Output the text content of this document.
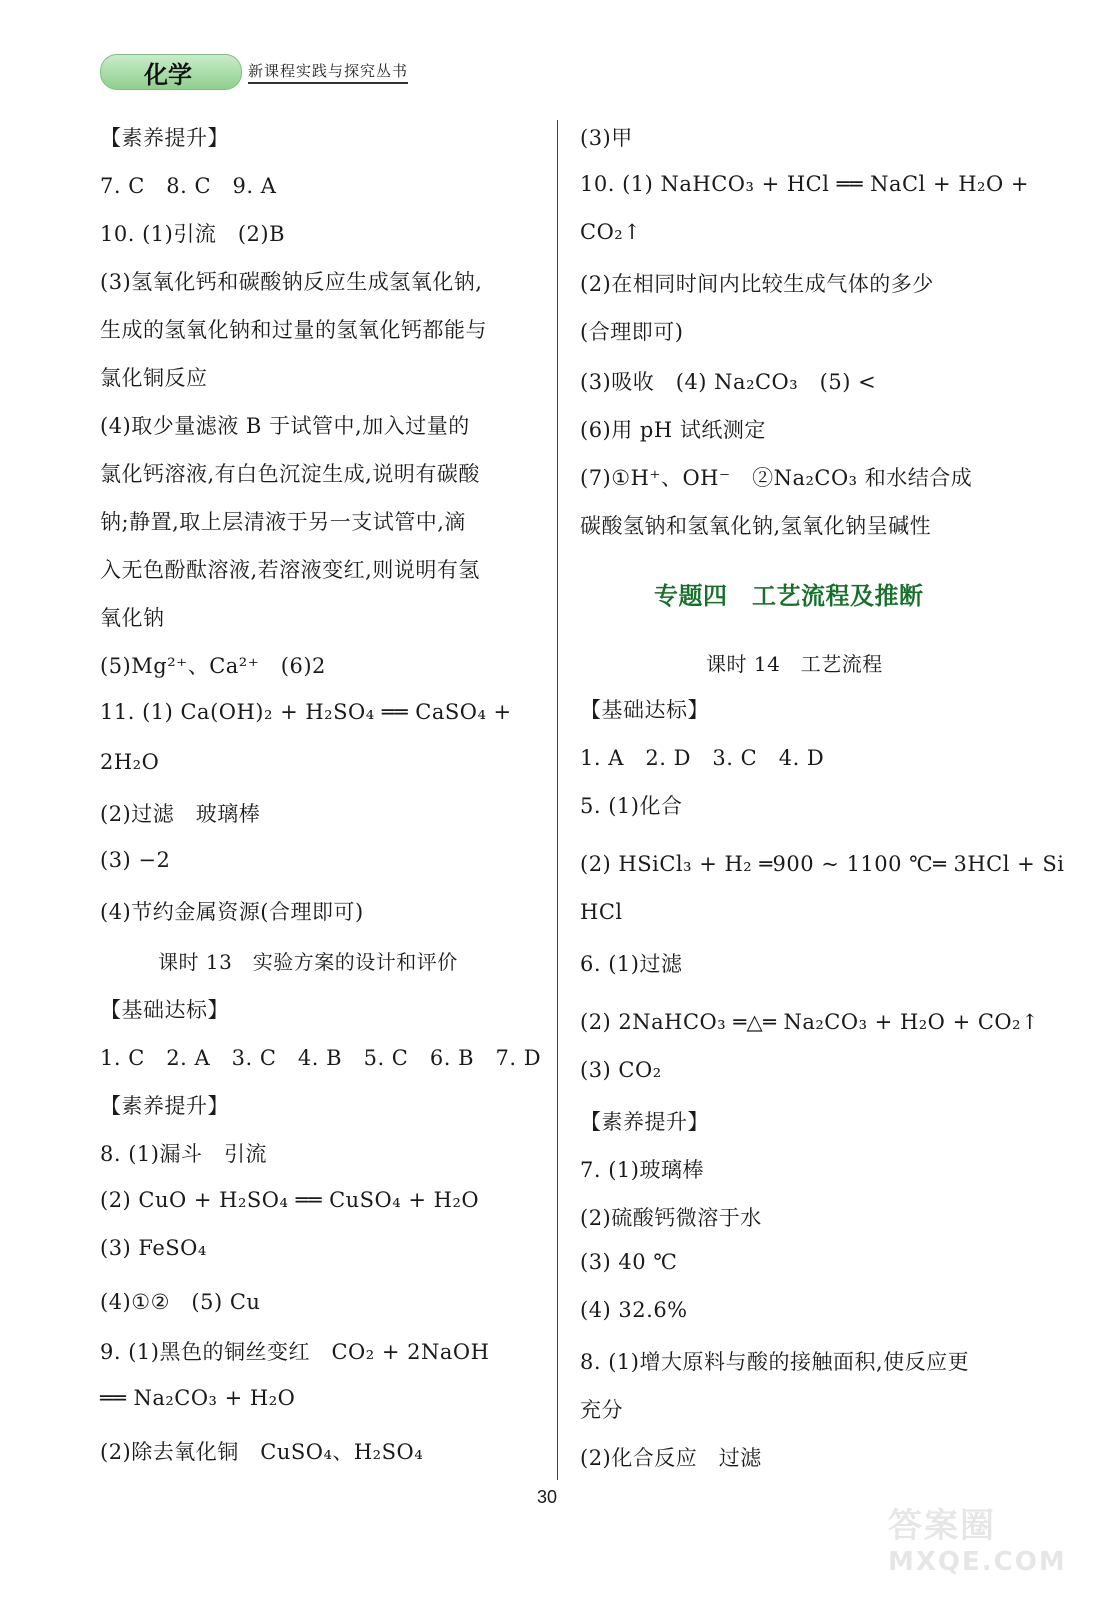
化学	新课程实践与探究丛书
【素养提升】
7. C　8. C　9. A
10. (1)引流　(2)B
(3)氢氧化钙和碳酸钠反应生成氢氧化钠,
生成的氢氧化钠和过量的氢氧化钙都能与
氯化铜反应
(4)取少量滤液 B 于试管中,加入过量的
氯化钙溶液,有白色沉淀生成,说明有碳酸
钠;静置,取上层清液于另一支试管中,滴
入无色酚酞溶液,若溶液变红,则说明有氢
氧化钠
(5)Mg²⁺、Ca²⁺　(6)2
11. (1) Ca(OH)₂ + H₂SO₄ ══ CaSO₄ +
2H₂O
(2)过滤　玻璃棒
(3) −2
(4)节约金属资源(合理即可)
课时 13　实验方案的设计和评价
【基础达标】
1. C　2. A　3. C　4. B　5. C　6. B　7. D
【素养提升】
8. (1)漏斗　引流
(2) CuO + H₂SO₄ ══ CuSO₄ + H₂O
(3) FeSO₄
(4)①②　(5) Cu
9. (1)黑色的铜丝变红　CO₂ + 2NaOH
══ Na₂CO₃ + H₂O
(2)除去氧化铜　CuSO₄、H₂SO₄
(3)甲
10. (1) NaHCO₃ + HCl ══ NaCl + H₂O +
CO₂↑
(2)在相同时间内比较生成气体的多少
(合理即可)
(3)吸收　(4) Na₂CO₃　(5) <
(6)用 pH 试纸测定
(7)①H⁺、OH⁻　②Na₂CO₃ 和水结合成
碳酸氢钠和氢氧化钠,氢氧化钠呈碱性
专题四　工艺流程及推断
课时 14　工艺流程
【基础达标】
1. A　2. D　3. C　4. D
5. (1)化合
(2) HSiCl₃ + H₂ ═900 ~ 1100 ℃═ 3HCl + Si
HCl
6. (1)过滤
(2) 2NaHCO₃ ═△═ Na₂CO₃ + H₂O + CO₂↑
(3) CO₂
【素养提升】
7. (1)玻璃棒
(2)硫酸钙微溶于水
(3) 40 ℃
(4) 32.6%
8. (1)增大原料与酸的接触面积,使反应更
充分
(2)化合反应　过滤
30
答案圈
MXQE.COM
